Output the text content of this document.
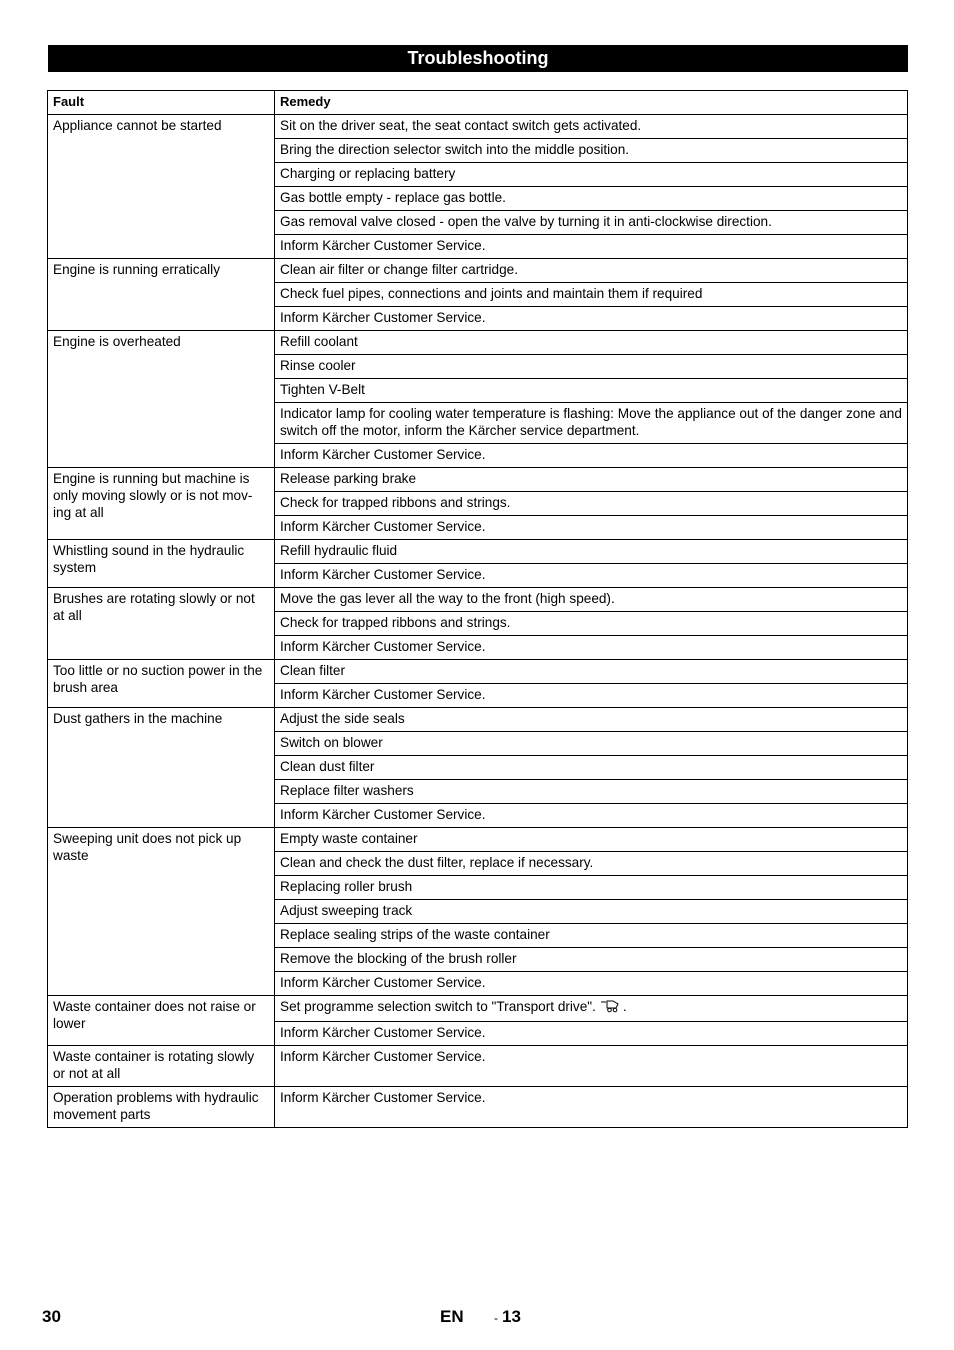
Troubleshooting
Fault	Remedy
Appliance cannot be started	Sit on the driver seat, the seat contact switch gets activated.
	Bring the direction selector switch into the middle position.
	Charging or replacing battery
	Gas bottle empty - replace gas bottle.
	Gas removal valve closed - open the valve by turning it in anti-clockwise direction.
	Inform Kärcher Customer Service.
Engine is running erratically	Clean air filter or change filter cartridge.
	Check fuel pipes, connections and joints and maintain them if required
	Inform Kärcher Customer Service.
Engine is overheated	Refill coolant
	Rinse cooler
	Tighten V-Belt
	Indicator lamp for cooling water temperature is flashing: Move the appliance out of the danger zone and switch off the motor, inform the Kärcher service department.
	Inform Kärcher Customer Service.
Engine is running but machine is only moving slowly or is not mov-ing at all	Release parking brake
	Check for trapped ribbons and strings.
	Inform Kärcher Customer Service.
Whistling sound in the hydraulic system	Refill hydraulic fluid
	Inform Kärcher Customer Service.
Brushes are rotating slowly or not at all	Move the gas lever all the way to the front (high speed).
	Check for trapped ribbons and strings.
	Inform Kärcher Customer Service.
Too little or no suction power in the brush area	Clean filter
	Inform Kärcher Customer Service.
Dust gathers in the machine	Adjust the side seals
	Switch on blower
	Clean dust filter
	Replace filter washers
	Inform Kärcher Customer Service.
Sweeping unit does not pick up waste	Empty waste container
	Clean and check the dust filter, replace if necessary.
	Replacing roller brush
	Adjust sweeping track
	Replace sealing strips of the waste container
	Remove the blocking of the brush roller
	Inform Kärcher Customer Service.
Waste container does not raise or lower	Set programme selection switch to "Transport drive". .
	Inform Kärcher Customer Service.
Waste container is rotating slowly or not at all	Inform Kärcher Customer Service.
Operation problems with hydraulic movement parts	Inform Kärcher Customer Service.
30	EN	- 13
